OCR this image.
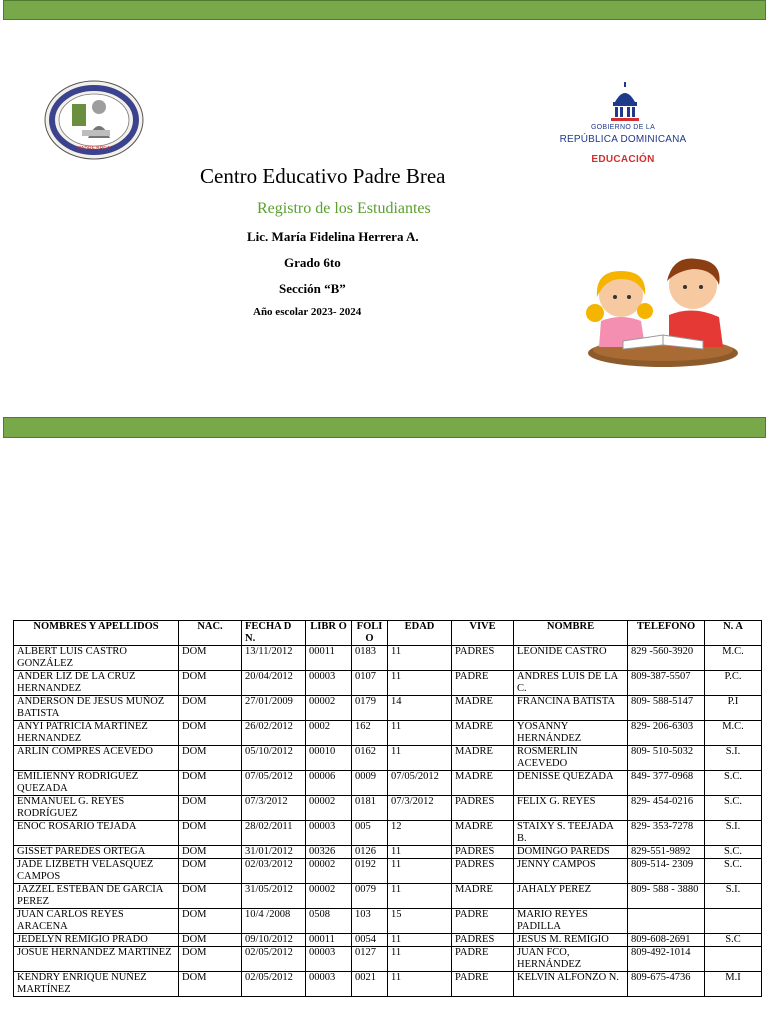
PADRE BREA
GOBIERNO DE LA
REPÚBLICA DOMINICANA
EDUCACIÓN
Centro Educativo Padre Brea
Registro de los Estudiantes
Lic. María Fidelina Herrera A.
Grado 6to
Sección “B”
Año escolar 2023- 2024
NOMBRES Y APELLIDOS	NAC.	FECHA D N.	LIBR O	FOLI O	EDAD	VIVE	NOMBRE	TELEFONO	N. A
ALBERT LUIS CASTRO GONZÁLEZ	DOM	13/11/2012	00011	0183	11	PADRES	LEONIDE CASTRO	829 -560-3920	M.C.
ANDER LIZ DE LA CRUZ HERNANDEZ	DOM	20/04/2012	00003	0107	11	PADRE	ANDRES LUIS DE LA C.	809-387-5507	P.C.
ANDERSON DE JESÚS MUÑOZ BATISTA	DOM	27/01/2009	00002	0179	14	MADRE	FRANCINA BATISTA	809- 588-5147	P.I
ANYI PATRICIA MARTÍNEZ HERNANDEZ	DOM	26/02/2012	0002	162	11	MADRE	YOSANNY HERNÁNDEZ	829- 206-6303	M.C.
ARLIN COMPRES ACEVEDO	DOM	05/10/2012	00010	0162	11	MADRE	ROSMERLIN ACEVEDO	809- 510-5032	S.I.
EMILIENNY RODRÍGUEZ QUEZADA	DOM	07/05/2012	00006	0009	07/05/2012	MADRE	DENISSE QUEZADA	849- 377-0968	S.C.
ENMANUEL G. REYES RODRÍGUEZ	DOM	07/3/2012	00002	0181	07/3/2012	PADRES	FELIX G. REYES	829- 454-0216	S.C.
ENOC ROSARIO TEJADA	DOM	28/02/2011	00003	005	12	MADRE	STAIXY S. TEEJADA B.	829- 353-7278	S.I.
GISSET PAREDES ORTEGA	DOM	31/01/2012	00326	0126	11	PADRES	DOMINGO PAREDS	829-551-9892	S.C.
JADE LIZBETH VELASQUEZ CAMPOS	DOM	02/03/2012	00002	0192	11	PADRES	JENNY CAMPOS	809-514- 2309	S.C.
JAZZEL ESTEBAN DE GARCÍA PEREZ	DOM	31/05/2012	00002	0079	11	MADRE	JAHALY PEREZ	809- 588 - 3880	S.I.
JUAN CARLOS REYES ARACENA	DOM	10/4 /2008	0508	103	15	PADRE	MARIO REYES PADILLA		
JEDELYN REMIGIO PRADO	DOM	09/10/2012	00011	0054	11	PADRES	JESÚS M. REMIGIO	809-608-2691	S.C
JOSUE HERNANDEZ MARTINEZ	DOM	02/05/2012	00003	0127	11	PADRE	JUAN FCO, HERNÁNDEZ	809-492-1014	
KENDRY ENRIQUE NUÑEZ MARTÍNEZ	DOM	02/05/2012	00003	0021	11	PADRE	KELVIN ALFONZO N.	809-675-4736	M.I
